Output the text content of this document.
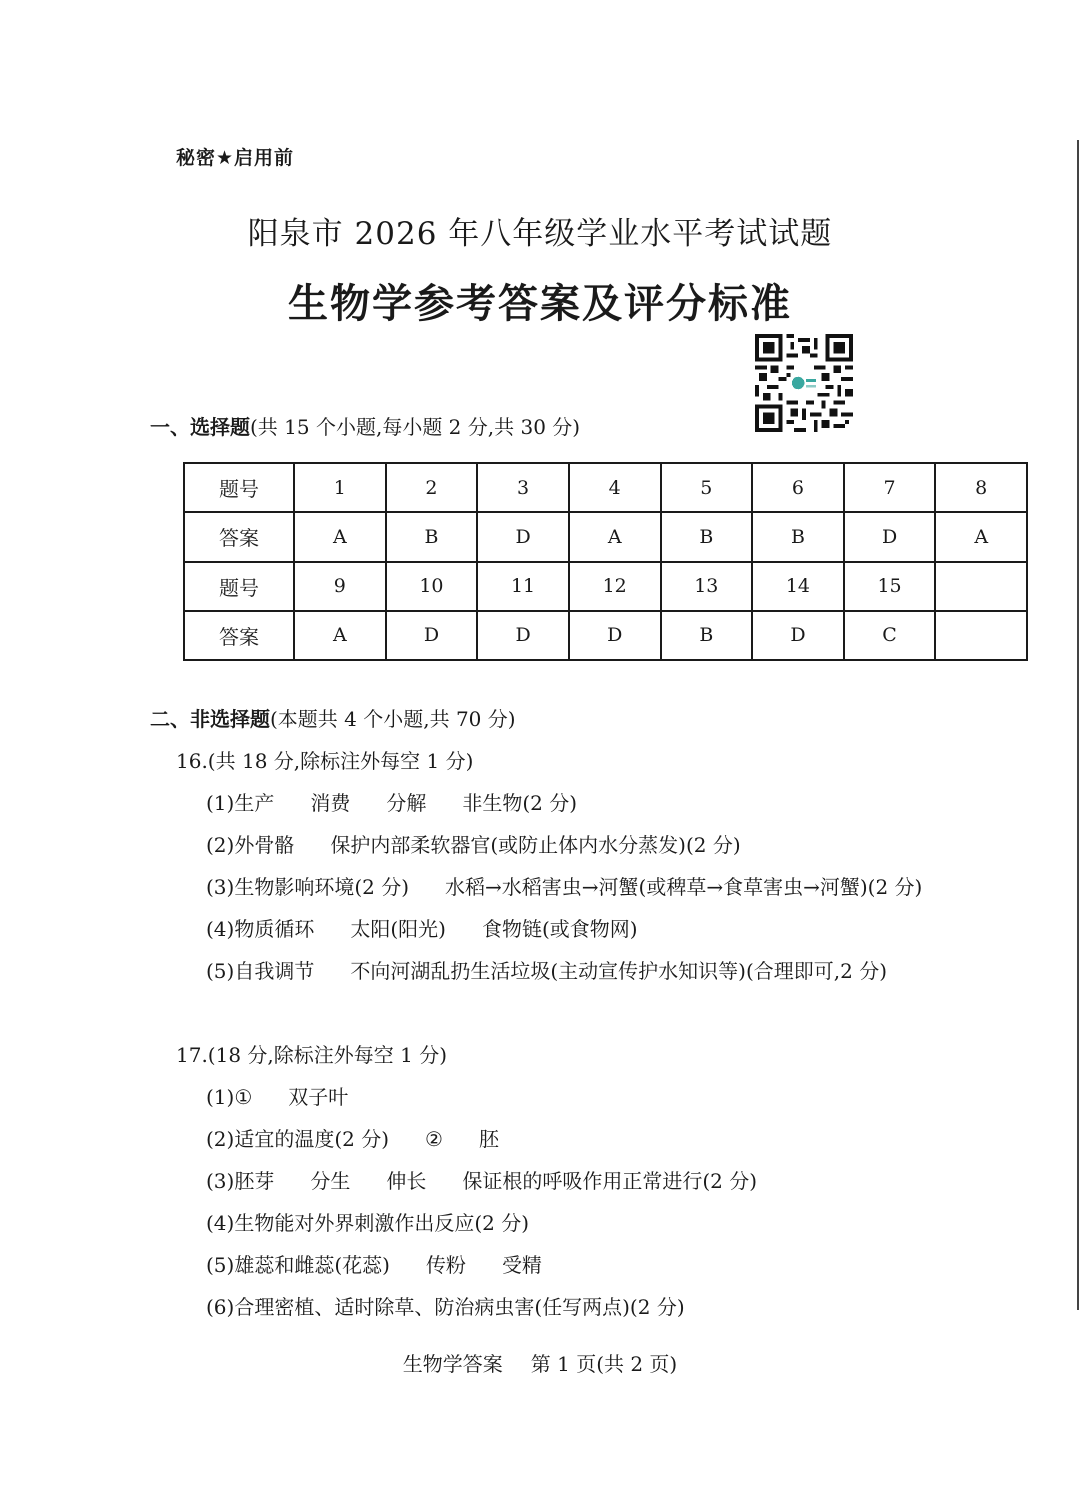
秘密★启用前
阳泉市 2026 年八年级学业水平考试试题
生物学参考答案及评分标准
一、选择题(共 15 个小题,每小题 2 分,共 30 分)
题号	1	2	3	4	5	6	7	8
答案	A	B	D	A	B	B	D	A
题号	9	10	11	12	13	14	15	
答案	A	D	D	D	B	D	C	
二、非选择题(本题共 4 个小题,共 70 分)
16.(共 18 分,除标注外每空 1 分)
(1)生产 消费 分解 非生物(2 分)
(2)外骨骼 保护内部柔软器官(或防止体内水分蒸发)(2 分)
(3)生物影响环境(2 分) 水稻→水稻害虫→河蟹(或稗草→食草害虫→河蟹)(2 分)
(4)物质循环 太阳(阳光) 食物链(或食物网)
(5)自我调节 不向河湖乱扔生活垃圾(主动宣传护水知识等)(合理即可,2 分)
17.(18 分,除标注外每空 1 分)
(1)① 双子叶
(2)适宜的温度(2 分) ② 胚
(3)胚芽 分生 伸长 保证根的呼吸作用正常进行(2 分)
(4)生物能对外界刺激作出反应(2 分)
(5)雄蕊和雌蕊(花蕊) 传粉 受精
(6)合理密植、适时除草、防治病虫害(任写两点)(2 分)
生物学答案 第 1 页(共 2 页)
